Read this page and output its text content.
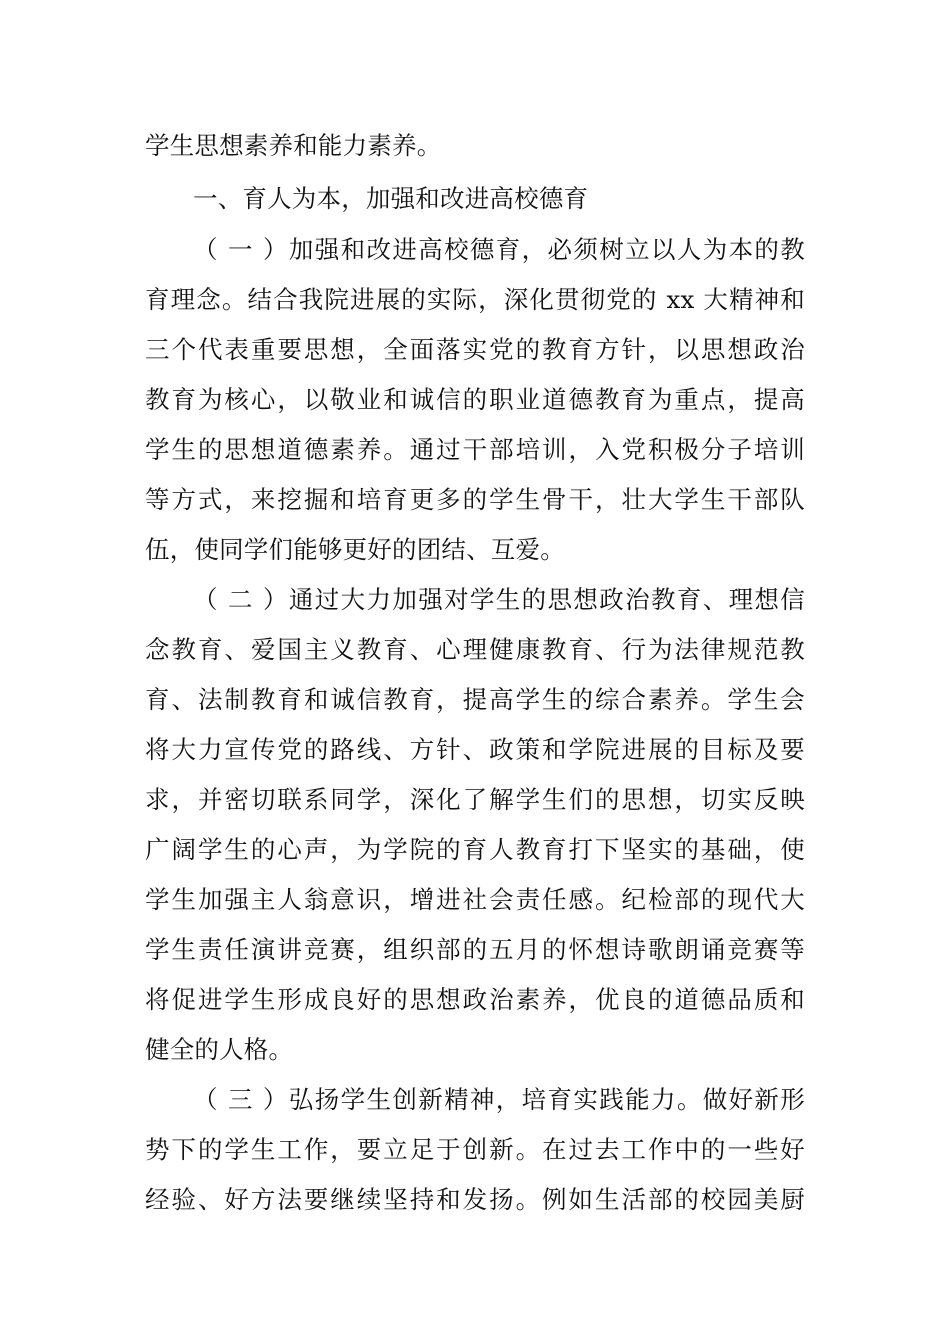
学生思想素养和能力素养。
一、育人为本，加强和改进高校德育
（ 一 ）加强和改进高校德育，必须树立以人为本的教
育理念。结合我院进展的实际，深化贯彻党的 xx 大精神和
三个代表重要思想，全面落实党的教育方针，以思想政治
教育为核心，以敬业和诚信的职业道德教育为重点，提高
学生的思想道德素养。通过干部培训，入党积极分子培训
等方式，来挖掘和培育更多的学生骨干，壮大学生干部队
伍，使同学们能够更好的团结、互爱。
（ 二 ）通过大力加强对学生的思想政治教育、理想信
念教育、爱国主义教育、心理健康教育、行为法律规范教
育、法制教育和诚信教育，提高学生的综合素养。学生会
将大力宣传党的路线、方针、政策和学院进展的目标及要
求，并密切联系同学，深化了解学生们的思想，切实反映
广阔学生的心声，为学院的育人教育打下坚实的基础，使
学生加强主人翁意识，增进社会责任感。纪检部的现代大
学生责任演讲竞赛，组织部的五月的怀想诗歌朗诵竞赛等
将促进学生形成良好的思想政治素养，优良的道德品质和
健全的人格。
（ 三 ）弘扬学生创新精神，培育实践能力。做好新形
势下的学生工作，要立足于创新。在过去工作中的一些好
经验、好方法要继续坚持和发扬。例如生活部的校园美厨
